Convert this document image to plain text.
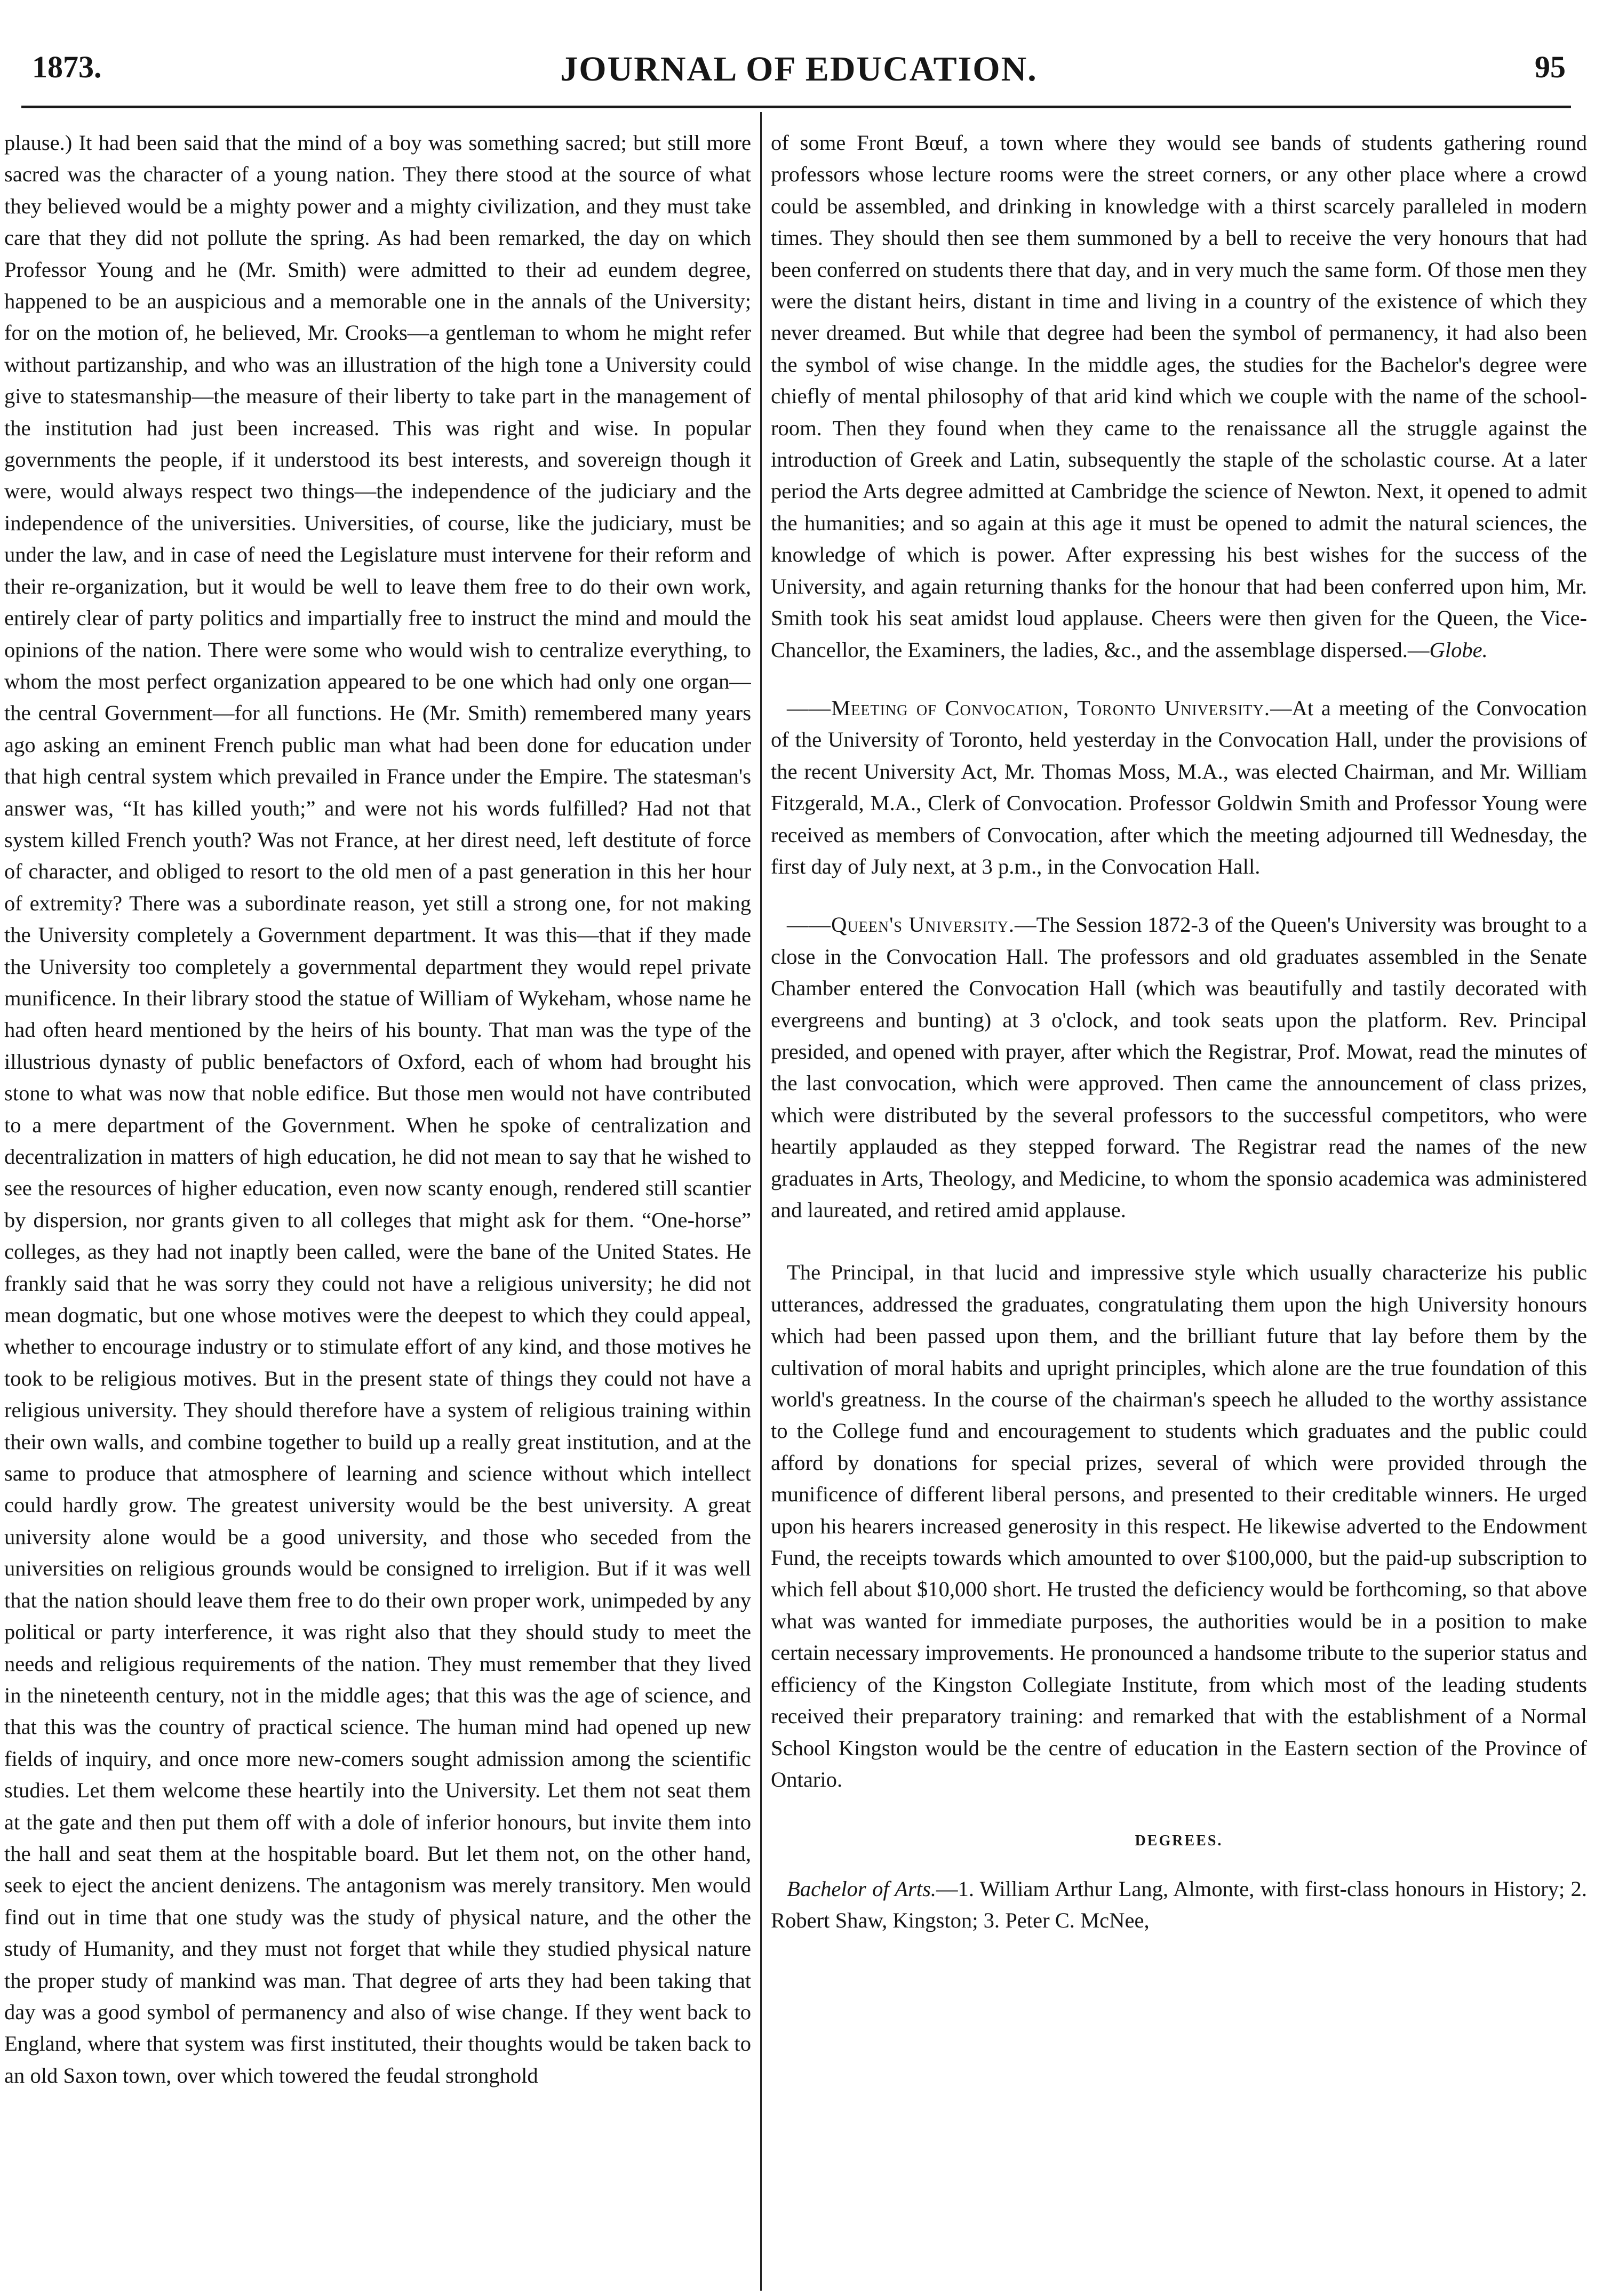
1873.	JOURNAL OF EDUCATION.	95

plause.) It had been said that the mind of a boy was something sacred; but still more sacred was the character of a young nation. They there stood at the source of what they believed would be a mighty power and a mighty civilization, and they must take care that they did not pollute the spring. As had been remarked, the day on which Professor Young and he (Mr. Smith) were admitted to their ad eundem degree, happened to be an auspicious and a memorable one in the annals of the University; for on the motion of, he believed, Mr. Crooks—a gentleman to whom he might refer without partizanship, and who was an illustration of the high tone a University could give to statesmanship—the measure of their liberty to take part in the management of the institution had just been increased. This was right and wise. In popular governments the people, if it understood its best interests, and sovereign though it were, would always respect two things—the independence of the judiciary and the independence of the universities. Universities, of course, like the judiciary, must be under the law, and in case of need the Legislature must intervene for their reform and their re-organization, but it would be well to leave them free to do their own work, entirely clear of party politics and impartially free to instruct the mind and mould the opinions of the nation. There were some who would wish to centralize everything, to whom the most perfect organization appeared to be one which had only one organ—the central Government—for all functions. He (Mr. Smith) remembered many years ago asking an eminent French public man what had been done for education under that high central system which prevailed in France under the Empire. The statesman's answer was, “It has killed youth;” and were not his words fulfilled? Had not that system killed French youth? Was not France, at her direst need, left destitute of force of character, and obliged to resort to the old men of a past generation in this her hour of extremity? There was a subordinate reason, yet still a strong one, for not making the University completely a Government department. It was this—that if they made the University too completely a governmental department they would repel private munificence. In their library stood the statue of William of Wykeham, whose name he had often heard mentioned by the heirs of his bounty. That man was the type of the illustrious dynasty of public benefactors of Oxford, each of whom had brought his stone to what was now that noble edifice. But those men would not have contributed to a mere department of the Government. When he spoke of centralization and decentralization in matters of high education, he did not mean to say that he wished to see the resources of higher education, even now scanty enough, rendered still scantier by dispersion, nor grants given to all colleges that might ask for them. “One-horse” colleges, as they had not inaptly been called, were the bane of the United States. He frankly said that he was sorry they could not have a religious university; he did not mean dogmatic, but one whose motives were the deepest to which they could appeal, whether to encourage industry or to stimulate effort of any kind, and those motives he took to be religious motives. But in the present state of things they could not have a religious university. They should therefore have a system of religious training within their own walls, and combine together to build up a really great institution, and at the same to produce that atmosphere of learning and science without which intellect could hardly grow. The greatest university would be the best university. A great university alone would be a good university, and those who seceded from the universities on religious grounds would be consigned to irreligion. But if it was well that the nation should leave them free to do their own proper work, unimpeded by any political or party interference, it was right also that they should study to meet the needs and religious requirements of the nation. They must remember that they lived in the nineteenth century, not in the middle ages; that this was the age of science, and that this was the country of practical science. The human mind had opened up new fields of inquiry, and once more new-comers sought admission among the scientific studies. Let them welcome these heartily into the University. Let them not seat them at the gate and then put them off with a dole of inferior honours, but invite them into the hall and seat them at the hospitable board. But let them not, on the other hand, seek to eject the ancient denizens. The antagonism was merely transitory. Men would find out in time that one study was the study of physical nature, and the other the study of Humanity, and they must not forget that while they studied physical nature the proper study of mankind was man. That degree of arts they had been taking that day was a good symbol of permanency and also of wise change. If they went back to England, where that system was first instituted, their thoughts would be taken back to an old Saxon town, over which towered the feudal stronghold

of some Front Bœuf, a town where they would see bands of students gathering round professors whose lecture rooms were the street corners, or any other place where a crowd could be assembled, and drinking in knowledge with a thirst scarcely paralleled in modern times. They should then see them summoned by a bell to receive the very honours that had been conferred on students there that day, and in very much the same form. Of those men they were the distant heirs, distant in time and living in a country of the existence of which they never dreamed. But while that degree had been the symbol of permanency, it had also been the symbol of wise change. In the middle ages, the studies for the Bachelor's degree were chiefly of mental philosophy of that arid kind which we couple with the name of the school-room. Then they found when they came to the renaissance all the struggle against the introduction of Greek and Latin, subsequently the staple of the scholastic course. At a later period the Arts degree admitted at Cambridge the science of Newton. Next, it opened to admit the humanities; and so again at this age it must be opened to admit the natural sciences, the knowledge of which is power. After expressing his best wishes for the success of the University, and again returning thanks for the honour that had been conferred upon him, Mr. Smith took his seat amidst loud applause. Cheers were then given for the Queen, the Vice-Chancellor, the Examiners, the ladies, &c., and the assemblage dispersed.—Globe.

——Meeting of Convocation, Toronto University.—At a meeting of the Convocation of the University of Toronto, held yesterday in the Convocation Hall, under the provisions of the recent University Act, Mr. Thomas Moss, M.A., was elected Chairman, and Mr. William Fitzgerald, M.A., Clerk of Convocation. Professor Goldwin Smith and Professor Young were received as members of Convocation, after which the meeting adjourned till Wednesday, the first day of July next, at 3 p.m., in the Convocation Hall.

——Queen's University.—The Session 1872-3 of the Queen's University was brought to a close in the Convocation Hall. The professors and old graduates assembled in the Senate Chamber entered the Convocation Hall (which was beautifully and tastily decorated with evergreens and bunting) at 3 o'clock, and took seats upon the platform. Rev. Principal presided, and opened with prayer, after which the Registrar, Prof. Mowat, read the minutes of the last convocation, which were approved. Then came the announcement of class prizes, which were distributed by the several professors to the successful competitors, who were heartily applauded as they stepped forward. The Registrar read the names of the new graduates in Arts, Theology, and Medicine, to whom the sponsio academica was administered and laureated, and retired amid applause.

The Principal, in that lucid and impressive style which usually characterize his public utterances, addressed the graduates, congratulating them upon the high University honours which had been passed upon them, and the brilliant future that lay before them by the cultivation of moral habits and upright principles, which alone are the true foundation of this world's greatness. In the course of the chairman's speech he alluded to the worthy assistance to the College fund and encouragement to students which graduates and the public could afford by donations for special prizes, several of which were provided through the munificence of different liberal persons, and presented to their creditable winners. He urged upon his hearers increased generosity in this respect. He likewise adverted to the Endowment Fund, the receipts towards which amounted to over $100,000, but the paid-up subscription to which fell about $10,000 short. He trusted the deficiency would be forthcoming, so that above what was wanted for immediate purposes, the authorities would be in a position to make certain necessary improvements. He pronounced a handsome tribute to the superior status and efficiency of the Kingston Collegiate Institute, from which most of the leading students received their preparatory training: and remarked that with the establishment of a Normal School Kingston would be the centre of education in the Eastern section of the Province of Ontario.

DEGREES.

Bachelor of Arts.—1. William Arthur Lang, Almonte, with first-class honours in History; 2. Robert Shaw, Kingston; 3. Peter C. McNee,
